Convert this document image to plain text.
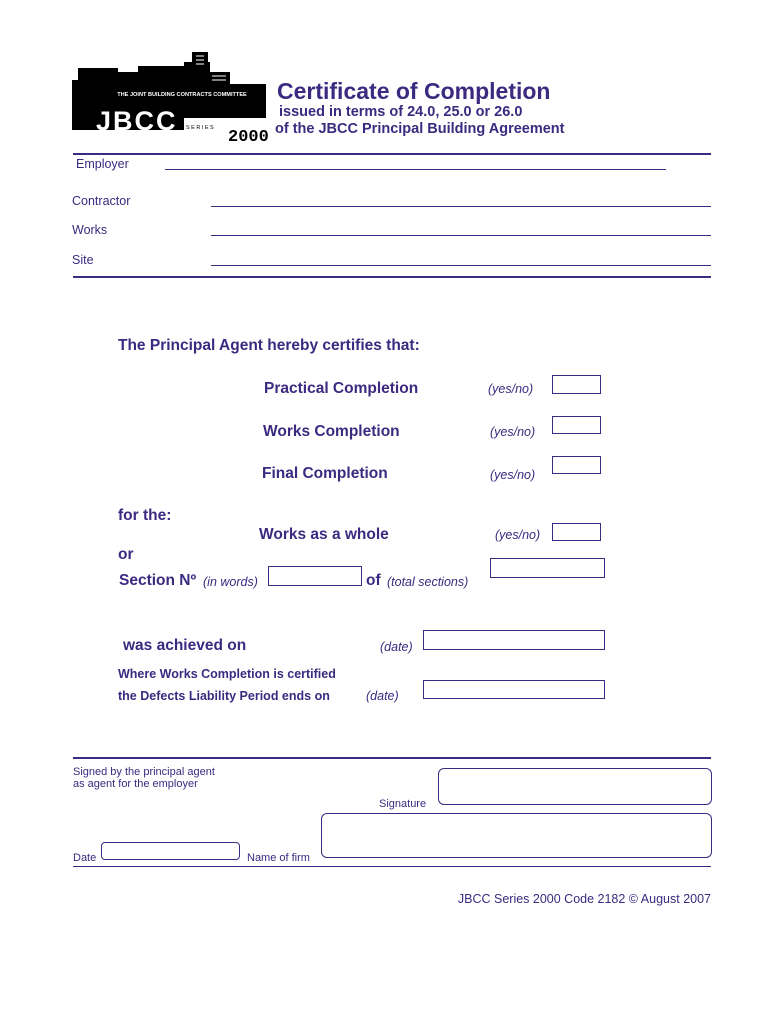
THE JOINT BUILDING CONTRACTS COMMITTEE
JBCC SERIES 2000
Certificate of Completion
issued in terms of 24.0, 25.0 or 26.0
of the JBCC Principal Building Agreement
Employer
Contractor
Works
Site
The Principal Agent hereby certifies that:
Practical Completion	(yes/no)
Works Completion	(yes/no)
Final Completion	(yes/no)
for the:
Works as a whole	(yes/no)
or
Section Nº (in words)	of (total sections)
was achieved on	(date)
Where Works Completion is certified
the Defects Liability Period ends on	(date)
Signed by the principal agent
as agent for the employer
Signature
Date	Name of firm
JBCC Series 2000 Code 2182 © August 2007
